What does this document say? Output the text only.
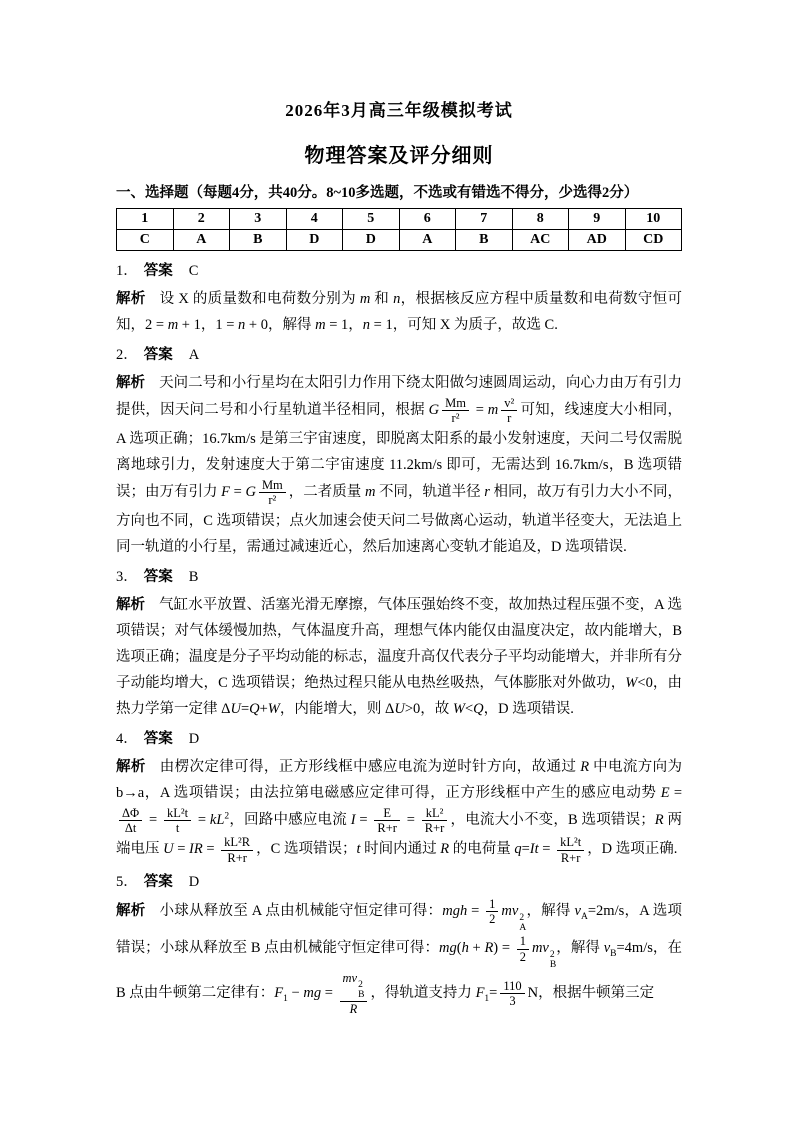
2026年3月高三年级模拟考试
物理答案及评分细则
一、选择题（每题4分，共40分。8~10多选题，不选或有错选不得分，少选得2分）
1	2	3	4	5	6	7	8	9	10
C	A	B	D	D	A	B	AC	AD	CD
1． 答案 C
解析 设 X 的质量数和电荷数分别为 m 和 n，根据核反应方程中质量数和电荷数守恒可知，2 = m + 1，1 = n + 0，解得 m = 1，n = 1，可知 X 为质子，故选 C.
2． 答案 A
解析 天问二号和小行星均在太阳引力作用下绕太阳做匀速圆周运动，向心力由万有引力提供，因天问二号和小行星轨道半径相同，根据 G $\frac{Mm}{\text{r²}} = m \frac{\text{v²}}{r}$ 可知，线速度大小相同，A 选项正确；16.7km/s 是第三宇宙速度，即脱离太阳系的最小发射速度，天问二号仅需脱离地球引力，发射速度大于第二宇宙速度 11.2km/s 即可，无需达到 16.7km/s，B 选项错误；由万有引力 F = G $\frac{Mm}{\text{r²}}$ ，二者质量 m 不同，轨道半径 r 相同，故万有引力大小不同，方向也不同，C 选项错误；点火加速会使天问二号做离心运动，轨道半径变大，无法追上同一轨道的小行星，需通过减速近心，然后加速离心变轨才能追及，D 选项错误.
3． 答案 B
解析 气缸水平放置、活塞光滑无摩擦，气体压强始终不变，故加热过程压强不变，A 选项错误；对气体缓慢加热，气体温度升高，理想气体内能仅由温度决定，故内能增大，B 选项正确；温度是分子平均动能的标志，温度升高仅代表分子平均动能增大，并非所有分子动能均增大，C 选项错误；绝热过程只能从电热丝吸热，气体膨胀对外做功，W<0，由热力学第一定律 ΔU=Q+W，内能增大，则 ΔU>0，故 W<Q，D 选项错误.
4． 答案 D
解析 由楞次定律可得，正方形线框中感应电流为逆时针方向，故通过 R 中电流方向为 b→a，A 选项错误；由法拉第电磁感应定律可得，正方形线框中产生的感应电动势 E =
$\frac{\Delta\Phi}{\Delta t} = \frac{\text{kL²t}}{t} = kL^2$，回路中感应电流 $I = \frac{E}{R+r} = \frac{\text{kL²}}{R+r}$ ，电流大小不变，B 选项错误；R 两端电压 U = IR = $\frac{\text{kL²R}}{R+r}$ ，C 选项错误；t 时间内通过 R 的电荷量 $q=It = \frac{\text{kL²t}}{R+r}$ ，D 选项正确.
5． 答案 D
解析 小球从释放至 A 点由机械能守恒定律可得：mgh = $\frac{1}{2}$ mv 2
A
，解得 $v_A=2m/s$，A 选项错误；小球从释放至 B 点由机械能守恒定律可得：$mg(h + R) = \frac{1}{2}$ mv 2
B
，解得 $v_B=4m/s$，在 B 点由牛顿第二定律有：$F_1$ − mg = mv 2
B
R ，得轨道支持力 $F_1= \frac{110}{3}$ N，根据牛顿第三定
